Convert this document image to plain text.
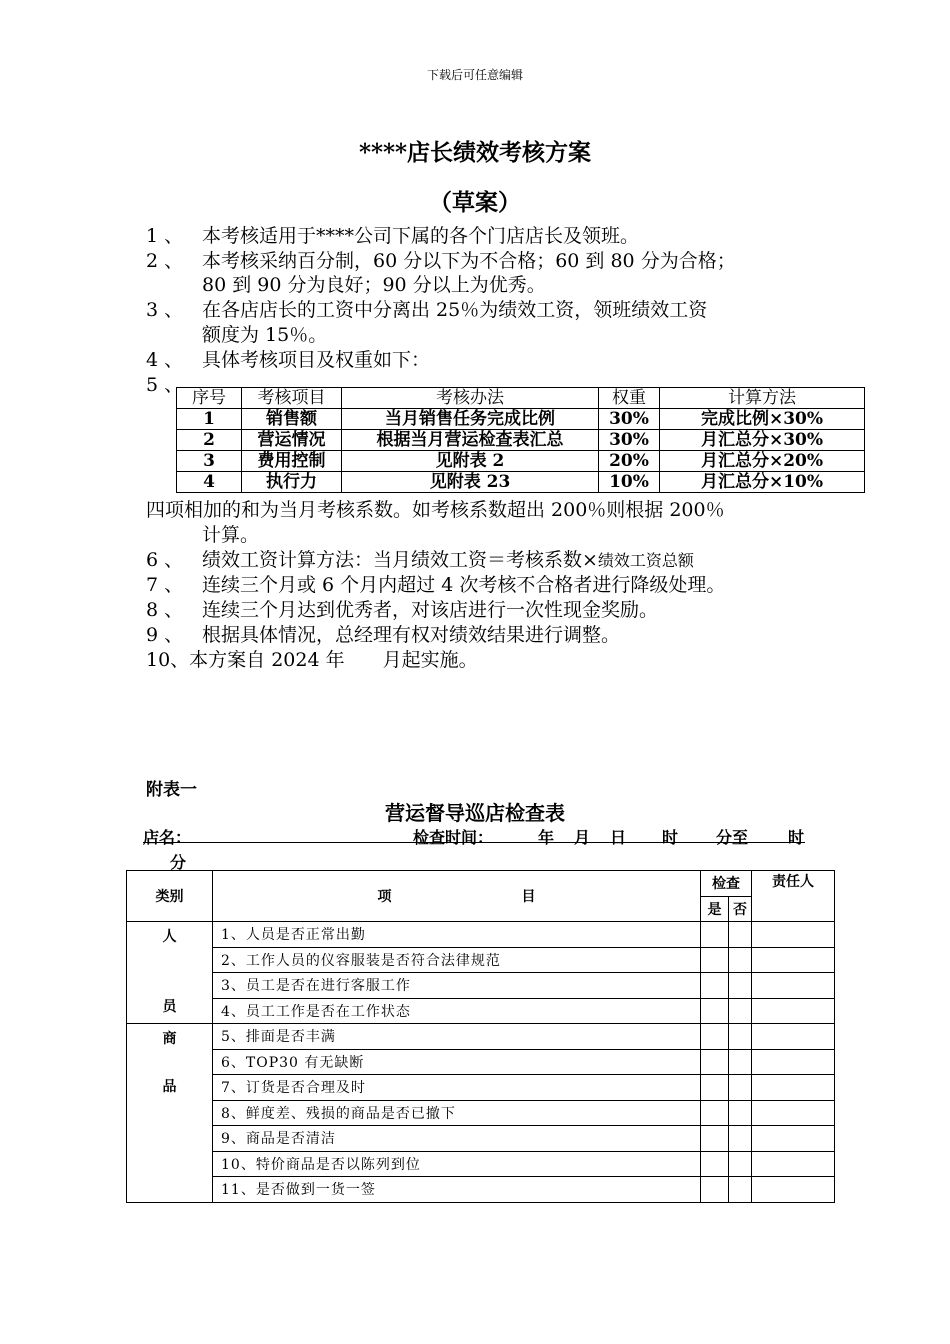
下载后可任意编辑
****店长绩效考核方案
（草案）
1 、 本考核适用于****公司下属的各个门店店长及领班。
2 、 本考核采纳百分制，60 分以下为不合格；60 到 80 分为合格；
80 到 90 分为良好；90 分以上为优秀。
3 、 在各店店长的工资中分离出 25％为绩效工资，领班绩效工资
额度为 15％。
4 、 具体考核项目及权重如下：
5 、
序号	考核项目	考核办法	权重	计算方法
1	销售额	当月销售任务完成比例	30%	完成比例×30%
2	营运情况	根据当月营运检查表汇总	30%	月汇总分×30%
3	费用控制	见附表 2	20%	月汇总分×20%
4	执行力	见附表 23	10%	月汇总分×10%
四项相加的和为当月考核系数。如考核系数超出 200％则根据 200％
计算。
6 、 绩效工资计算方法：当月绩效工资＝考核系数×绩效工资总额
7 、 连续三个月或 6 个月内超过 4 次考核不合格者进行降级处理。
8 、 连续三个月达到优秀者，对该店进行一次性现金奖励。
9 、 根据具体情况，总经理有权对绩效结果进行调整。
10、本方案自 2024 年　　月起实施。
附表一
营运督导巡店检查表
店名：	检查时间：	年 月 日 时 分至 时
分
类别	项 目	检查		责任人
		是	否	

人
员	1、人员是否正常出勤			
	2、工作人员的仪容服装是否符合法律规范			
	3、员工是否在进行客服工作			
	4、员工工作是否在工作状态			

商
品	5、排面是否丰满			
	6、TOP30 有无缺断			
	7、订货是否合理及时			
	8、鲜度差、残损的商品是否已撤下			
	9、商品是否清洁			
	10、特价商品是否以陈列到位			
	11、是否做到一货一签			
